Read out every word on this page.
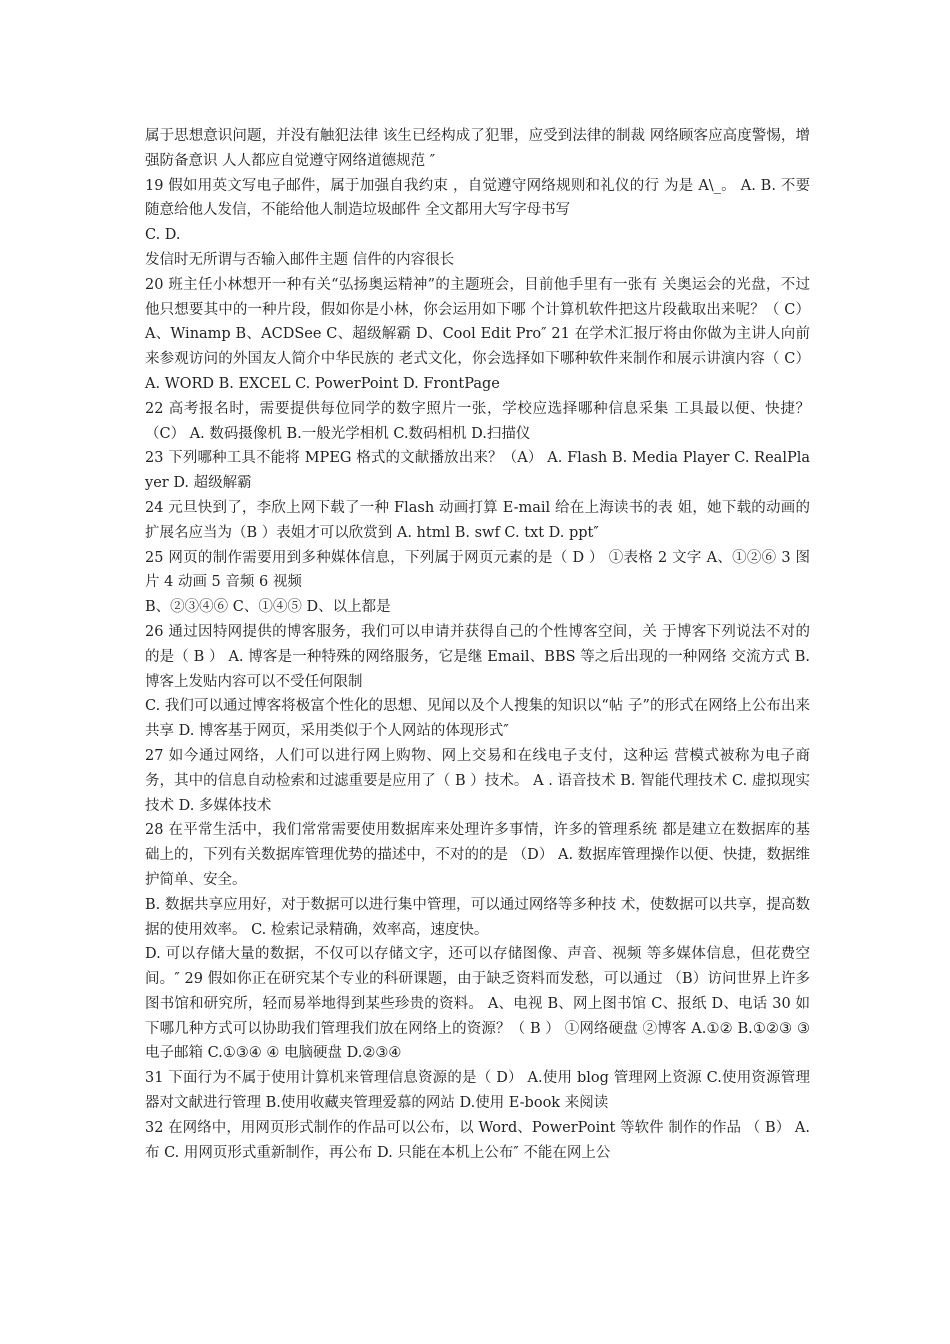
属于思想意识问题，并没有触犯法律 该生已经构成了犯罪，应受到法律的制裁 网络顾客应高度警惕，增强防备意识 人人都应自觉遵守网络道德规范 ″

19 假如用英文写电子邮件，属于加强自我约束 ，自觉遵守网络规则和礼仪的行 为是 A\_。 A. B. 不要随意给他人发信，不能给他人制造垃圾邮件 全文都用大写字母书写

C. D.

发信时无所谓与否输入邮件主题 信件的内容很长

20 班主任小林想开一种有关“弘扬奥运精神”的主题班会，目前他手里有一张有 关奥运会的光盘，不过他只想要其中的一种片段，假如你是小林，你会运用如下哪 个计算机软件把这片段截取出来呢？（ C） A、Winamp B、ACDSee C、超级解霸 D、Cool Edit Pro″ 21 在学术汇报厅将由你做为主讲人向前来参观访问的外国友人简介中华民族的 老式文化，你会选择如下哪种软件来制作和展示讲演内容（ C） A. WORD B. EXCEL C. PowerPoint D. FrontPage

22 高考报名时，需要提供每位同学的数字照片一张，学校应选择哪种信息采集 工具最以便、快捷？（C） A. 数码摄像机 B.一般光学相机 C.数码相机 D.扫描仪

23 下列哪种工具不能将 MPEG 格式的文献播放出来？（A） A. Flash B. Media Player C. RealPlayer D. 超级解霸

24 元旦快到了，李欣上网下载了一种 Flash 动画打算 E-mail 给在上海读书的表 姐，她下载的动画的扩展名应当为（B ）表姐才可以欣赏到 A. html B. swf C. txt D. ppt″

25 网页的制作需要用到多种媒体信息，下列属于网页元素的是（ D ） ①表格 2 文字 A、①②⑥ 3 图片 4 动画 5 音频 6 视频

B、②③④⑥ C、①④⑤ D、以上都是

26 通过因特网提供的博客服务，我们可以申请并获得自己的个性博客空间，关 于博客下列说法不对的的是（ B ） A. 博客是一种特殊的网络服务，它是继 Email、BBS 等之后出现的一种网络 交流方式 B. 博客上发贴内容可以不受任何限制

C. 我们可以通过博客将极富个性化的思想、见闻以及个人搜集的知识以“帖 子”的形式在网络上公布出来共享 D. 博客基于网页，采用类似于个人网站的体现形式″

27 如今通过网络，人们可以进行网上购物、网上交易和在线电子支付，这种运 营模式被称为电子商务，其中的信息自动检索和过滤重要是应用了（ B ）技术。 A . 语音技术 B. 智能代理技术 C. 虚拟现实技术 D. 多媒体技术

28 在平常生活中，我们常常需要使用数据库来处理许多事情，许多的管理系统 都是建立在数据库的基础上的，下列有关数据库管理优势的描述中，不对的的是 （D） A. 数据库管理操作以便、快捷，数据维护简单、安全。

B. 数据共享应用好，对于数据可以进行集中管理，可以通过网络等多种技 术，使数据可以共享，提高数据的使用效率。 C. 检索记录精确，效率高，速度快。

D. 可以存储大量的数据，不仅可以存储文字，还可以存储图像、声音、视频 等多媒体信息，但花费空间。″ 29 假如你正在研究某个专业的科研课题，由于缺乏资料而发愁，可以通过 （B）访问世界上许多图书馆和研究所，轻而易举地得到某些珍贵的资料。 A、电视 B、网上图书馆 C、报纸 D、电话 30 如下哪几种方式可以协助我们管理我们放在网络上的资源？（ B ） ①网络硬盘 ②博客 A.①② B.①②③ ③ 电子邮箱 C.①③④ ④ 电脑硬盘 D.②③④

31 下面行为不属于使用计算机来管理信息资源的是（ D） A.使用 blog 管理网上资源 C.使用资源管理器对文献进行管理 B.使用收藏夹管理爱慕的网站 D.使用 E-book 来阅读

32 在网络中，用网页形式制作的作品可以公布，以 Word、PowerPoint 等软件 制作的作品 （ B） A. 布 C. 用网页形式重新制作，再公布 D. 只能在本机上公布″ 不能在网上公
